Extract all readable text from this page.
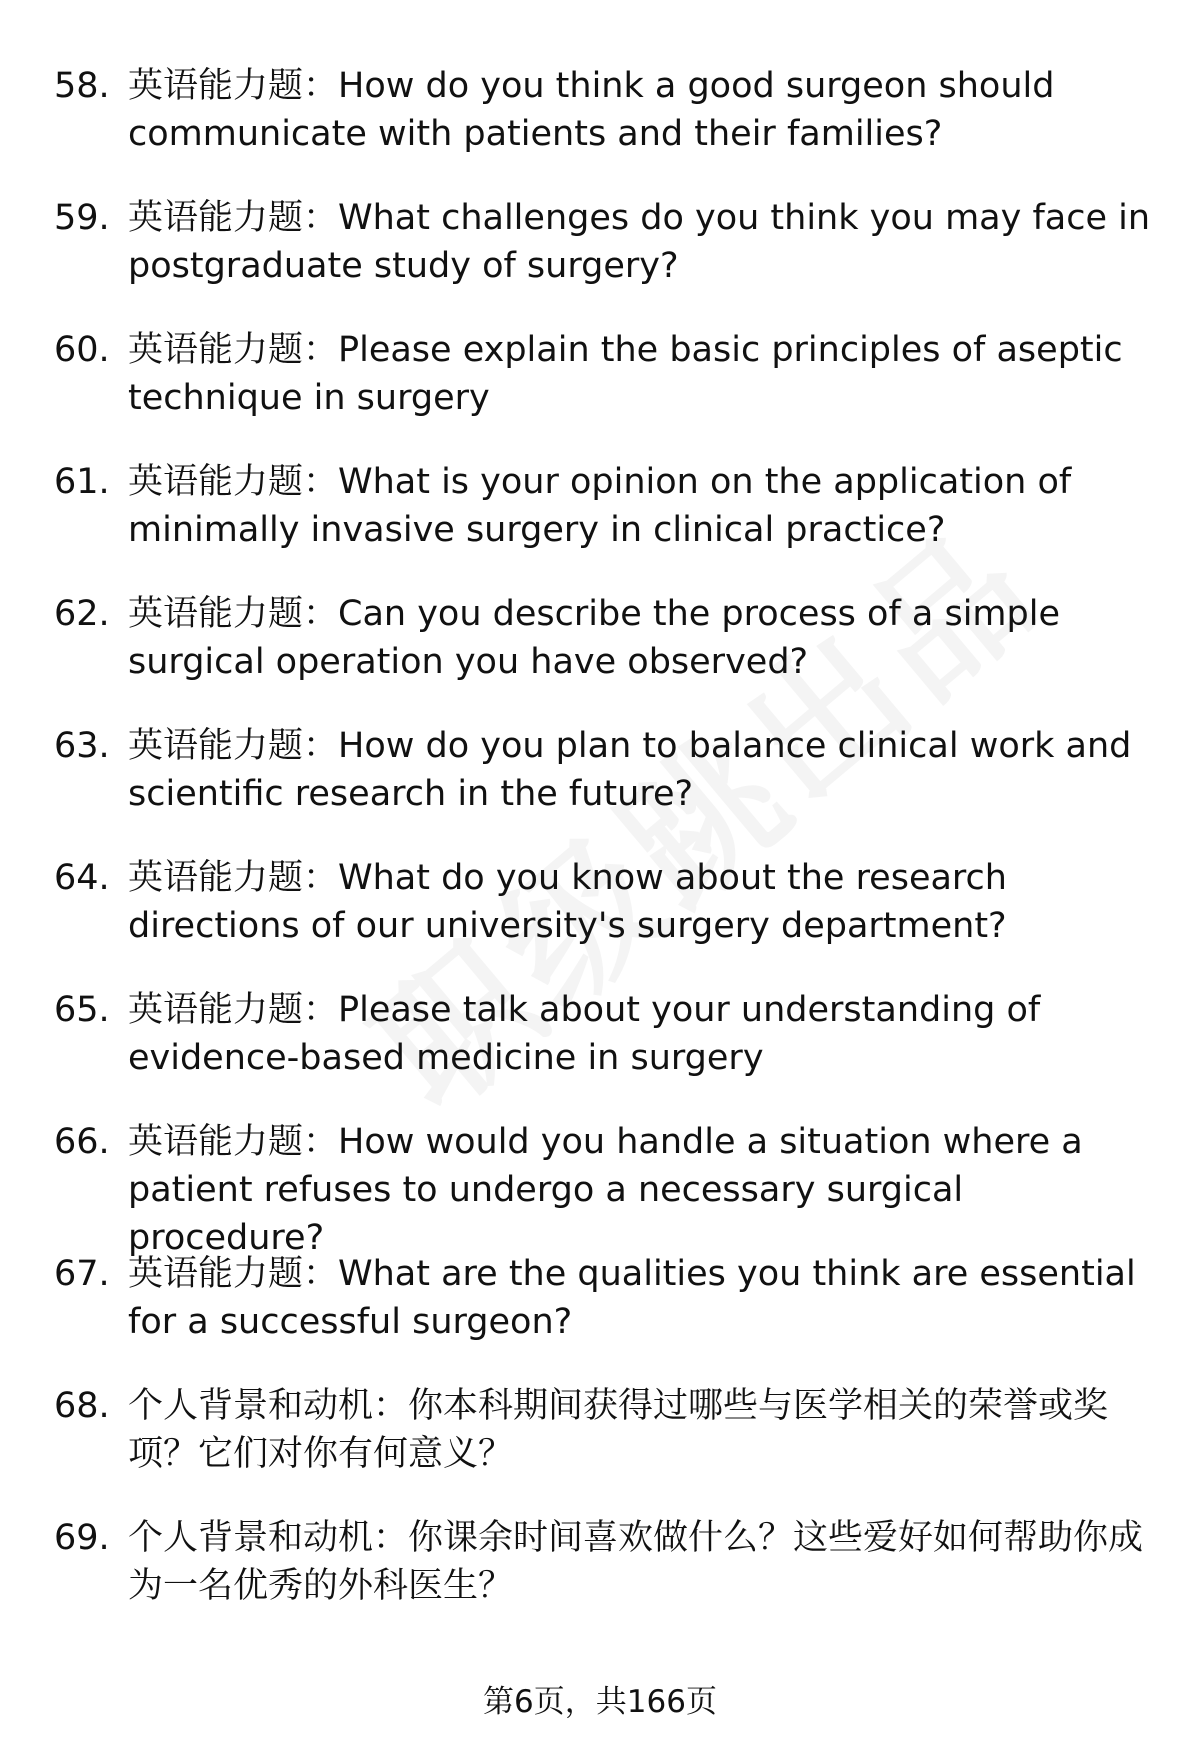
58. 英语能力题：How do you think a good surgeon should communicate with patients and their families?
59. 英语能力题：What challenges do you think you may face in postgraduate study of surgery?
60. 英语能力题：Please explain the basic principles of aseptic technique in surgery
61. 英语能力题：What is your opinion on the application of minimally invasive surgery in clinical practice?
62. 英语能力题：Can you describe the process of a simple surgical operation you have observed?
63. 英语能力题：How do you plan to balance clinical work and scientific research in the future?
64. 英语能力题：What do you know about the research directions of our university's surgery department?
65. 英语能力题：Please talk about your understanding of evidence-based medicine in surgery
66. 英语能力题：How would you handle a situation where a patient refuses to undergo a necessary surgical procedure?
67. 英语能力题：What are the qualities you think are essential for a successful surgeon?
68. 个人背景和动机：你本科期间获得过哪些与医学相关的荣誉或奖项？它们对你有何意义？
69. 个人背景和动机：你课余时间喜欢做什么？这些爱好如何帮助你成为一名优秀的外科医生？
第6页，共166页
